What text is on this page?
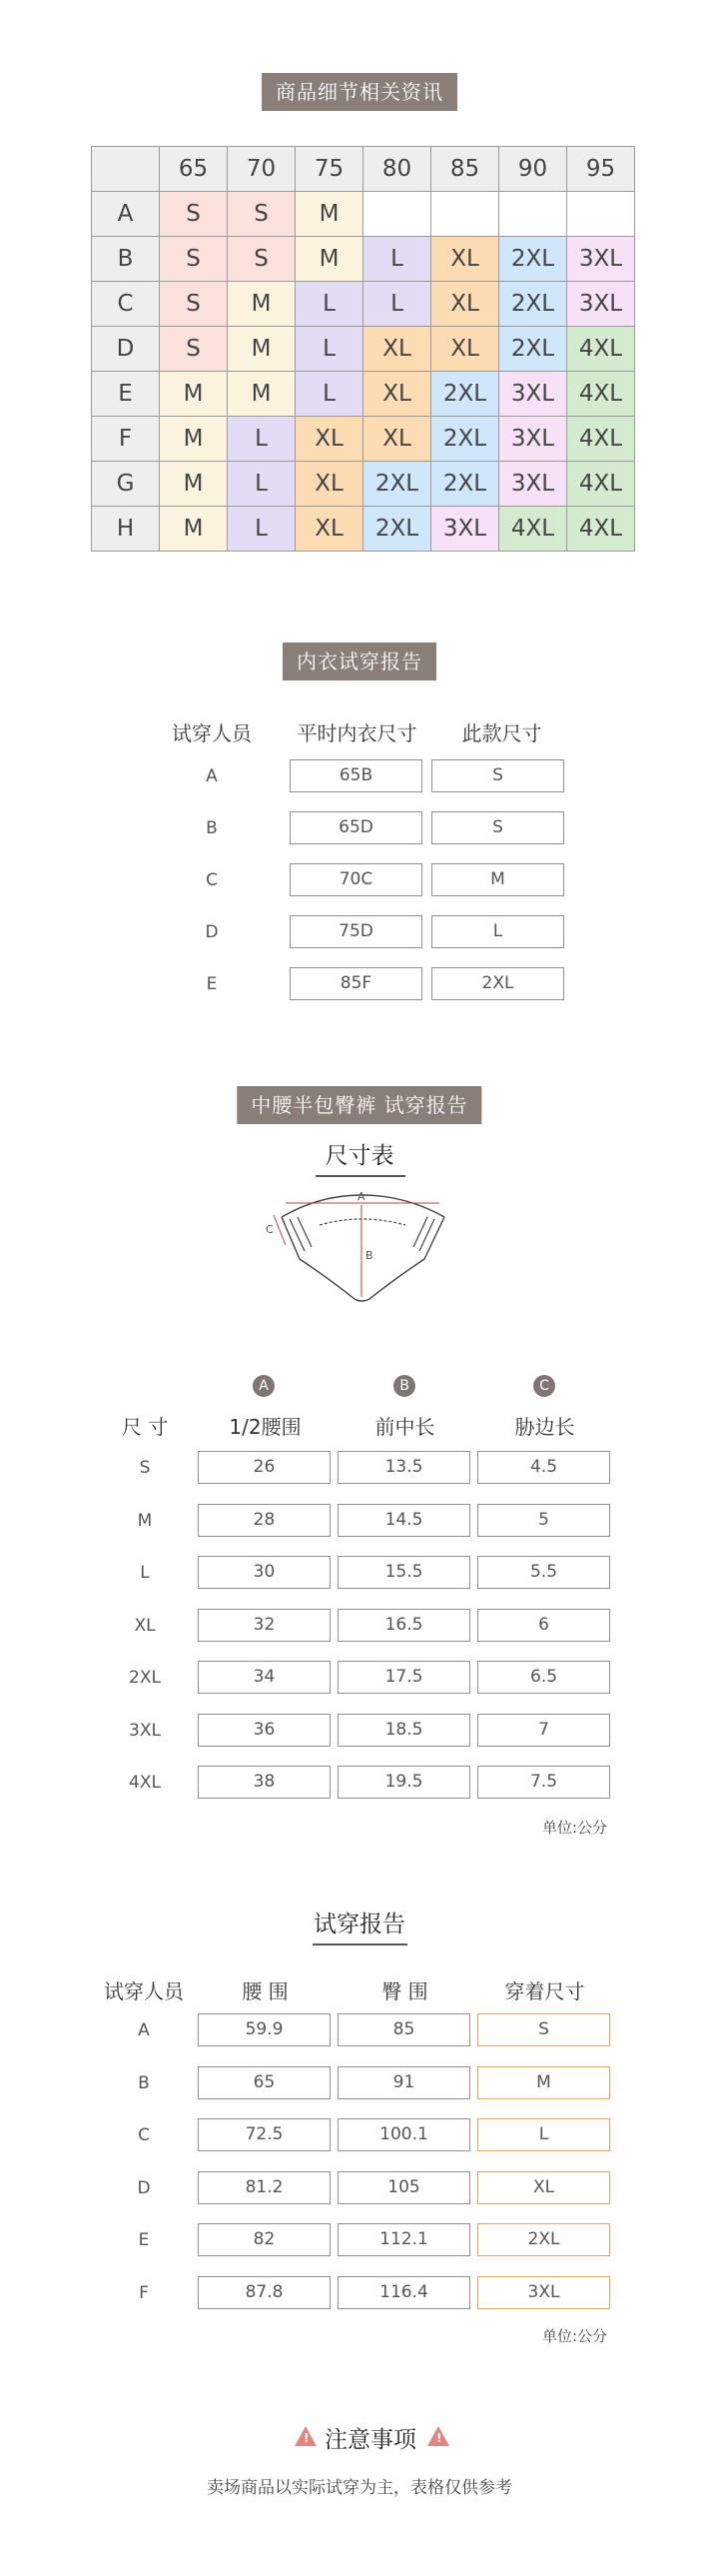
商品细节相关资讯
	65	70	75	80	85	90	95
A	S	S	M				
B	S	S	M	L	XL	2XL	3XL
C	S	M	L	L	XL	2XL	3XL
D	S	M	L	XL	XL	2XL	4XL
E	M	M	L	XL	2XL	3XL	4XL
F	M	L	XL	XL	2XL	3XL	4XL
G	M	L	XL	2XL	2XL	3XL	4XL
H	M	L	XL	2XL	3XL	4XL	4XL
内衣试穿报告
试穿人员	平时内衣尺寸	此款尺寸
A	65B	S
B	65D	S
C	70C	M
D	75D	L
E	85F	2XL
中腰半包臀裤 试穿报告
尺寸表
A
B
C
A	B	C
尺 寸	1/2腰围	前中长	胁边长
S	26	13.5	4.5
M	28	14.5	5
L	30	15.5	5.5
XL	32	16.5	6
2XL	34	17.5	6.5
3XL	36	18.5	7
4XL	38	19.5	7.5
单位:公分
试穿报告
试穿人员	腰 围	臀 围	穿着尺寸
A	59.9	85	S
B	65	91	M
C	72.5	100.1	L
D	81.2	105	XL
E	82	112.1	2XL
F	87.8	116.4	3XL
单位:公分
! 注意事项 !
卖场商品以实际试穿为主，表格仅供参考
